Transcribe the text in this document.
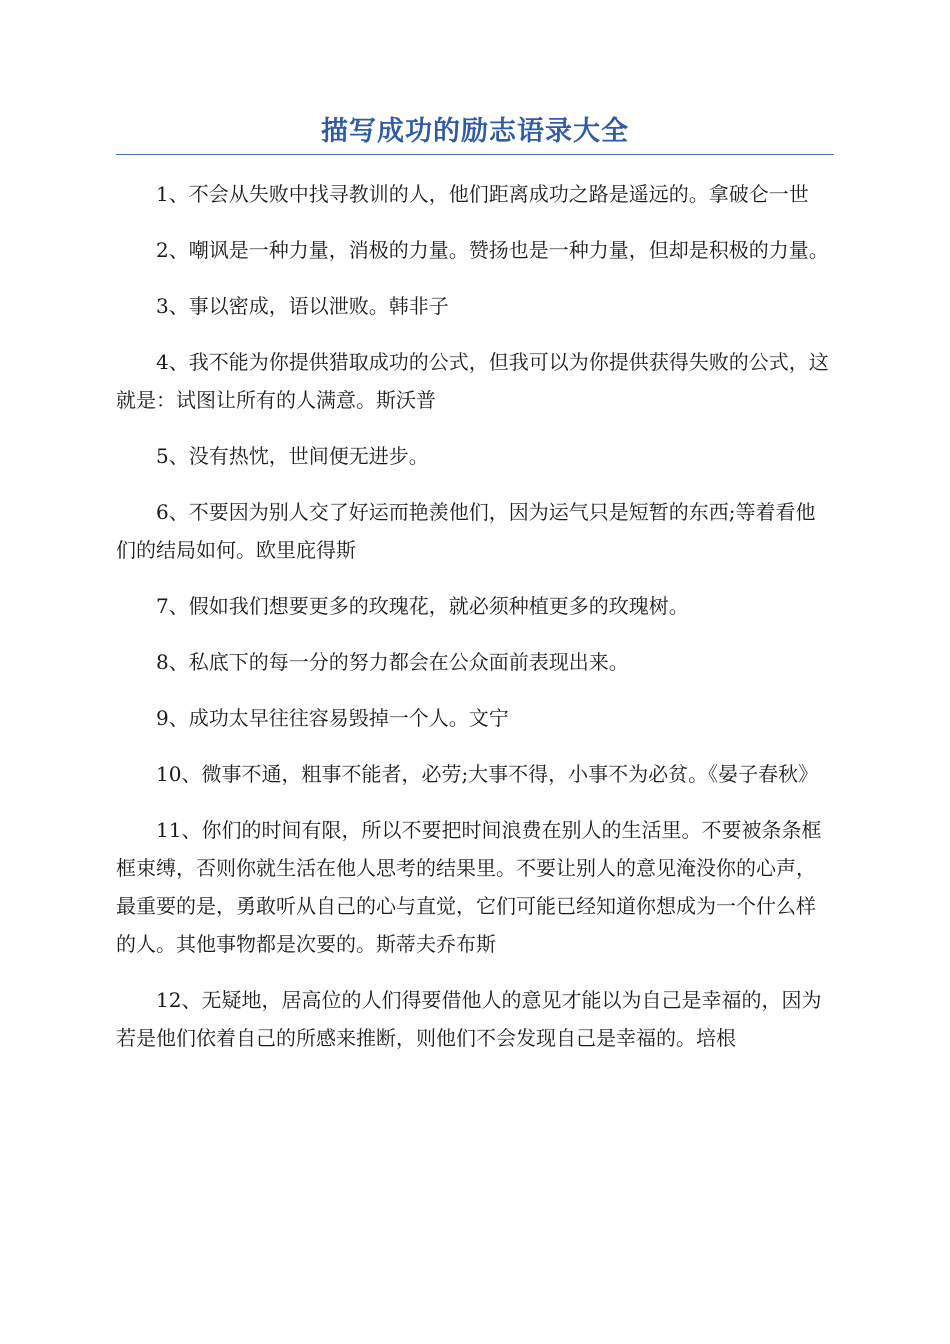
描写成功的励志语录大全
1、不会从失败中找寻教训的人，他们距离成功之路是遥远的。拿破仑一世
2、嘲讽是一种力量，消极的力量。赞扬也是一种力量，但却是积极的力量。
3、事以密成，语以泄败。韩非子
4、我不能为你提供猎取成功的公式，但我可以为你提供获得失败的公式，这就是：试图让所有的人满意。斯沃普
5、没有热忱，世间便无进步。
6、不要因为别人交了好运而艳羡他们，因为运气只是短暂的东西;等着看他们的结局如何。欧里庇得斯
7、假如我们想要更多的玫瑰花，就必须种植更多的玫瑰树。
8、私底下的每一分的努力都会在公众面前表现出来。
9、成功太早往往容易毁掉一个人。文宁
10、微事不通，粗事不能者，必劳;大事不得，小事不为必贫。《晏子春秋》
11、你们的时间有限，所以不要把时间浪费在别人的生活里。不要被条条框框束缚，否则你就生活在他人思考的结果里。不要让别人的意见淹没你的心声，最重要的是，勇敢听从自己的心与直觉，它们可能已经知道你想成为一个什么样的人。其他事物都是次要的。斯蒂夫乔布斯
12、无疑地，居高位的人们得要借他人的意见才能以为自己是幸福的，因为若是他们依着自己的所感来推断，则他们不会发现自己是幸福的。培根
